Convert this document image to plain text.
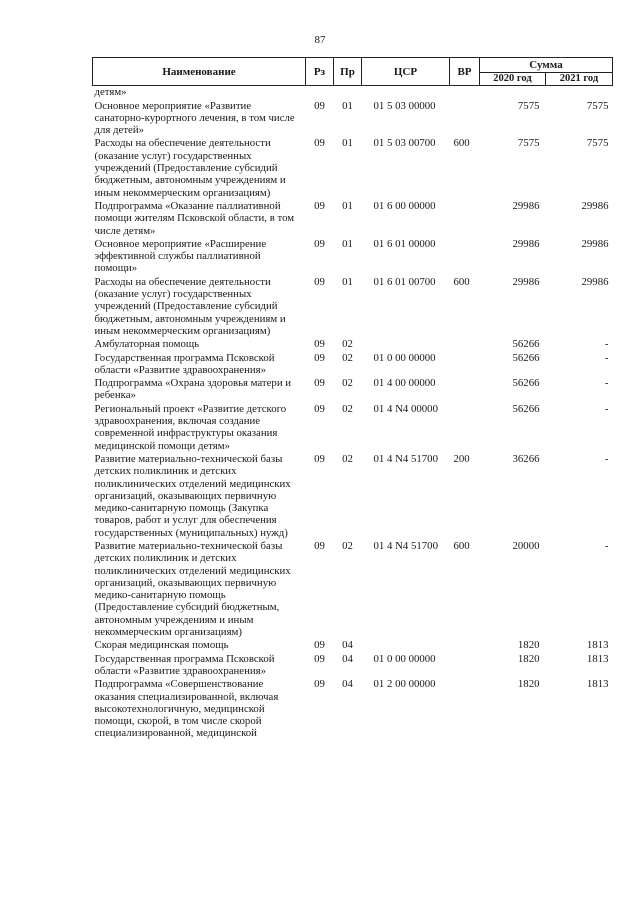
87
Наименование	Рз	Пр	ЦСР	ВР	Сумма	
					2020 год	2021 год
детям»						
Основное мероприятие «Развитие санаторно-курортного лечения, в том числе для детей»	09	01	01 5 03 00000		7575	7575
Расходы на обеспечение деятельности (оказание услуг) государственных учреждений (Предоставление субсидий бюджетным, автономным учреждениям и иным некоммерческим организациям)	09	01	01 5 03 00700	600	7575	7575
Подпрограмма «Оказание паллиативной помощи жителям Псковской области, в том числе детям»	09	01	01 6 00 00000		29986	29986
Основное мероприятие «Расширение эффективной службы паллиативной помощи»	09	01	01 6 01 00000		29986	29986
Расходы на обеспечение деятельности (оказание услуг) государственных учреждений (Предоставление субсидий бюджетным, автономным учреждениям и иным некоммерческим организациям)	09	01	01 6 01 00700	600	29986	29986
Амбулаторная помощь	09	02			56266	-
Государственная программа Псковской области «Развитие здравоохранения»	09	02	01 0 00 00000		56266	-
Подпрограмма «Охрана здоровья матери и ребенка»	09	02	01 4 00 00000		56266	-
Региональный проект «Развитие детского здравоохранения, включая создание современной инфраструктуры оказания медицинской помощи детям»	09	02	01 4 N4 00000		56266	-
Развитие материально-технической базы детских поликлиник и детских поликлинических отделений медицинских организаций, оказывающих первичную медико-санитарную помощь (Закупка товаров, работ и услуг для обеспечения государственных (муниципальных) нужд)	09	02	01 4 N4 51700	200	36266	-
Развитие материально-технической базы детских поликлиник и детских поликлинических отделений медицинских организаций, оказывающих первичную медико-санитарную помощь (Предоставление субсидий бюджетным, автономным учреждениям и иным некоммерческим организациям)	09	02	01 4 N4 51700	600	20000	-
Скорая медицинская помощь	09	04			1820	1813
Государственная программа Псковской области «Развитие здравоохранения»	09	04	01 0 00 00000		1820	1813
Подпрограмма «Совершенствование оказания специализированной, включая высокотехнологичную, медицинской помощи, скорой, в том числе скорой специализированной, медицинской	09	04	01 2 00 00000		1820	1813
